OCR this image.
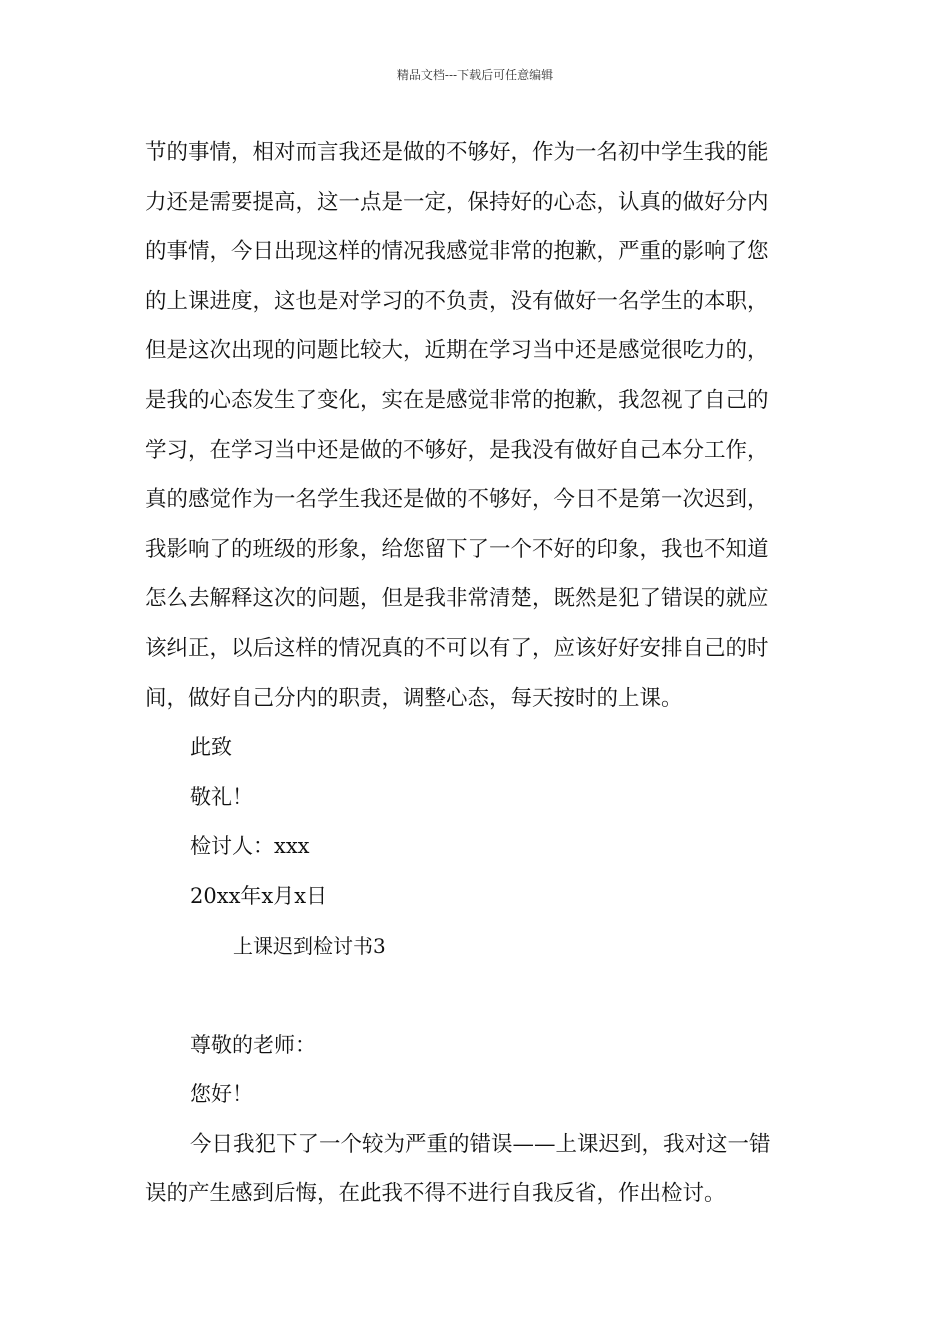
精品文档---下载后可任意编辑
节的事情，相对而言我还是做的不够好，作为一名初中学生我的能
力还是需要提高，这一点是一定，保持好的心态，认真的做好分内
的事情，今日出现这样的情况我感觉非常的抱歉，严重的影响了您
的上课进度，这也是对学习的不负责，没有做好一名学生的本职，
但是这次出现的问题比较大，近期在学习当中还是感觉很吃力的，
是我的心态发生了变化，实在是感觉非常的抱歉，我忽视了自己的
学习，在学习当中还是做的不够好，是我没有做好自己本分工作，
真的感觉作为一名学生我还是做的不够好，今日不是第一次迟到，
我影响了的班级的形象，给您留下了一个不好的印象，我也不知道
怎么去解释这次的问题，但是我非常清楚，既然是犯了错误的就应
该纠正，以后这样的情况真的不可以有了，应该好好安排自己的时
间，做好自己分内的职责，调整心态，每天按时的上课。
此致
敬礼！
检讨人：xxx
20xx年x月x日
上课迟到检讨书3
尊敬的老师：
您好！
今日我犯下了一个较为严重的错误——上课迟到，我对这一错
误的产生感到后悔，在此我不得不进行自我反省，作出检讨。
